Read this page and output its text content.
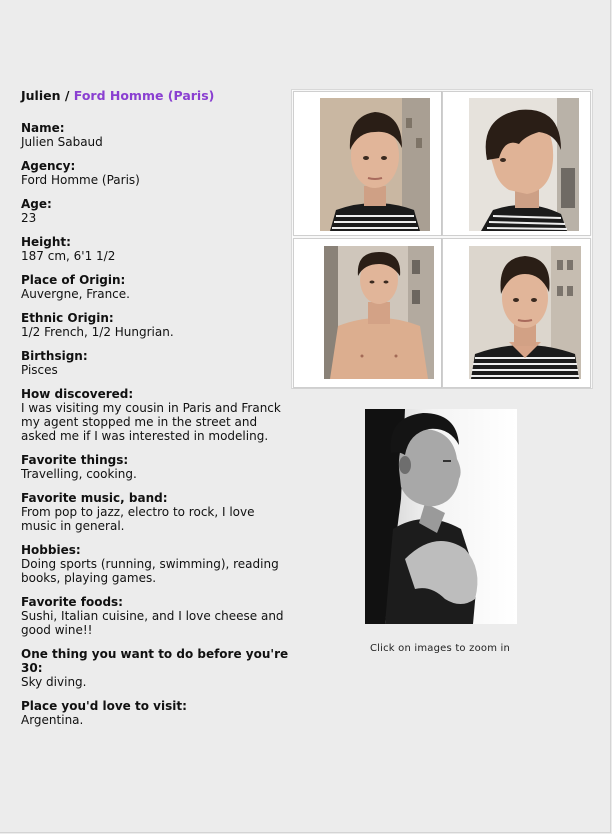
Julien / Ford Homme (Paris)
Name:
Julien Sabaud
Agency:
Ford Homme (Paris)
Age:
23
Height:
187 cm, 6'1 1/2
Place of Origin:
Auvergne, France.
Ethnic Origin:
1/2 French, 1/2 Hungrian.
Birthsign:
Pisces
How discovered:
I was visiting my cousin in Paris and Franck my agent stopped me in the street and asked me if I was interested in modeling.
Favorite things:
Travelling, cooking.
Favorite music, band:
From pop to jazz, electro to rock, I love music in general.
Hobbies:
Doing sports (running, swimming), reading books, playing games.
Favorite foods:
Sushi, Italian cuisine, and I love cheese and good wine!!
One thing you want to do before you're 30:
Sky diving.
Place you'd love to visit:
Argentina.
Click on images to zoom in
